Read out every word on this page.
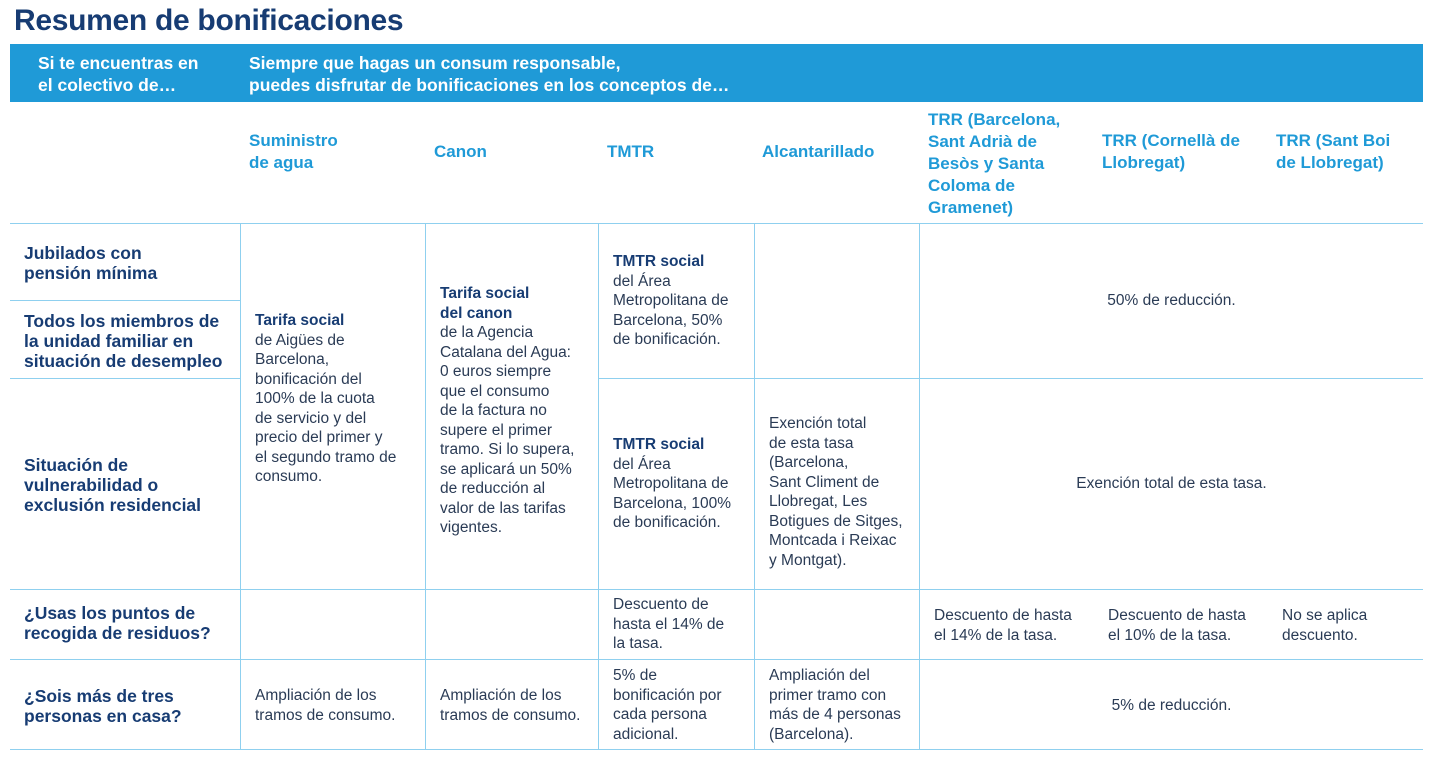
Resumen de bonificaciones
Si te encuentras en
el colectivo de…
Siempre que hagas un consum responsable,
puedes disfrutar de bonificaciones en los conceptos de…
Suministro
de agua
Canon	TMTR	Alcantarillado
TRR (Barcelona,
Sant Adrià de
Besòs y Santa
Coloma de
Gramenet)
TRR (Cornellà de
Llobregat)
TRR (Sant Boi
de Llobregat)
Jubilados con
pensión mínima
Todos los miembros de
la unidad familiar en
situación de desempleo
Situación de
vulnerabilidad o
exclusión residencial
¿Usas los puntos de
recogida de residuos?
¿Sois más de tres
personas en casa?
Tarifa social
de Aigües de
Barcelona,
bonificación del
100% de la cuota
de servicio y del
precio del primer y
el segundo tramo de
consumo.
Tarifa social
del canon
de la Agencia
Catalana del Agua:
0 euros siempre
que el consumo
de la factura no
supere el primer
tramo. Si lo supera,
se aplicará un 50%
de reducción al
valor de las tarifas
vigentes.
TMTR social
del Área
Metropolitana de
Barcelona, 50%
de bonificación.
TMTR social
del Área
Metropolitana de
Barcelona, 100%
de bonificación.
Exención total
de esta tasa
(Barcelona,
Sant Climent de
Llobregat, Les
Botigues de Sitges,
Montcada i Reixac
y Montgat).
50% de reducción.
Exención total de esta tasa.
Descuento de
hasta el 14% de
la tasa.
Descuento de hasta
el 14% de la tasa.
Descuento de hasta
el 10% de la tasa.
No se aplica
descuento.
Ampliación de los
tramos de consumo.
Ampliación de los
tramos de consumo.
5% de
bonificación por
cada persona
adicional.
Ampliación del
primer tramo con
más de 4 personas
(Barcelona).
5% de reducción.
